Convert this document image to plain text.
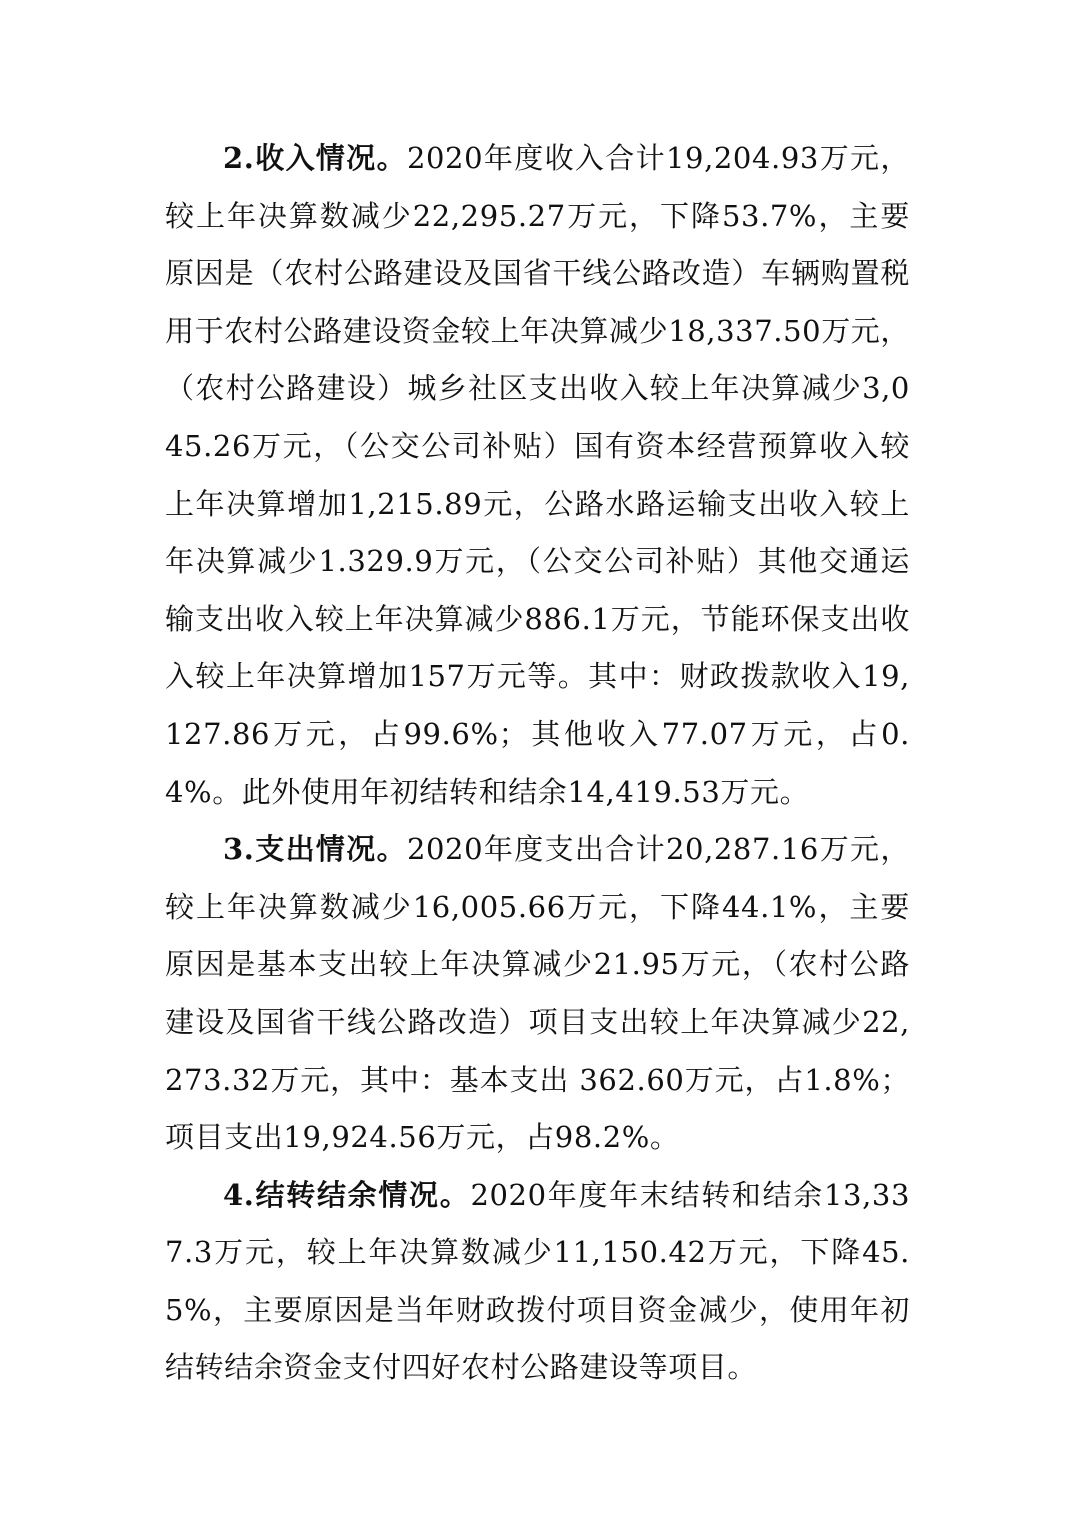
2.收入情况。2020年度收入合计19,204.93万元，较上年决算数减少22,295.27万元，下降53.7%，主要原因是（农村公路建设及国省干线公路改造）车辆购置税用于农村公路建设资金较上年决算减少18,337.50万元，（农村公路建设）城乡社区支出收入较上年决算减少3,045.26万元，（公交公司补贴）国有资本经营预算收入较上年决算增加1,215.89元，公路水路运输支出收入较上年决算减少1.329.9万元，（公交公司补贴）其他交通运输支出收入较上年决算减少886.1万元，节能环保支出收入较上年决算增加157万元等。其中：财政拨款收入19,127.86万元，占99.6%；其他收入77.07万元，占0.4%。此外使用年初结转和结余14,419.53万元。

3.支出情况。2020年度支出合计20,287.16万元，较上年决算数减少16,005.66万元，下降44.1%，主要原因是基本支出较上年决算减少21.95万元，（农村公路建设及国省干线公路改造）项目支出较上年决算减少22,273.32万元，其中：基本支出 362.60万元，占1.8%；项目支出19,924.56万元，占98.2%。

4.结转结余情况。2020年度年末结转和结余13,337.3万元，较上年决算数减少11,150.42万元，下降45.5%，主要原因是当年财政拨付项目资金减少，使用年初结转结余资金支付四好农村公路建设等项目。
